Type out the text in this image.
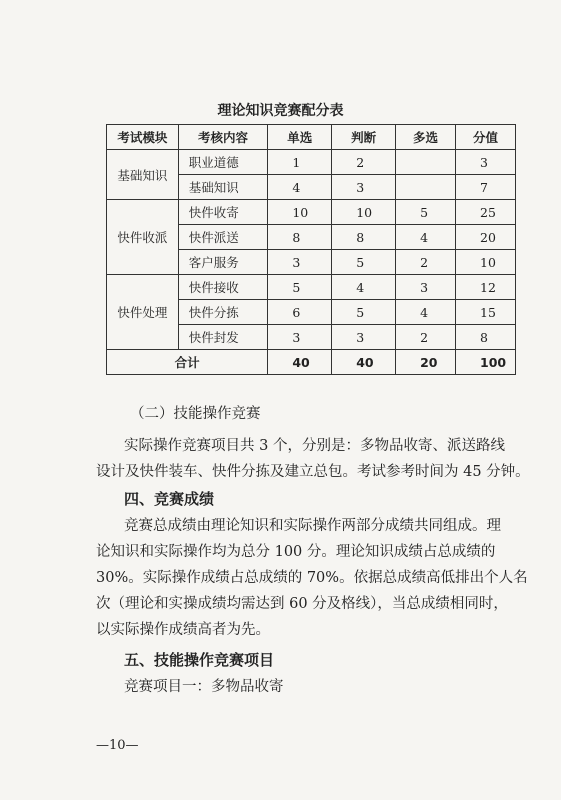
理论知识竞赛配分表
考试模块	考核内容	单选	判断	多选	分值
基础知识	职业道德	1	2		3
	基础知识	4	3		7
快件收派	快件收寄	10	10	5	25
	快件派送	8	8	4	20
	客户服务	3	5	2	10
快件处理	快件接收	5	4	3	12
	快件分拣	6	5	4	15
	快件封发	3	3	2	8
合计		40	40	20	100
（二）技能操作竞赛
实际操作竞赛项目共 3 个，分别是：多物品收寄、派送路线
设计及快件装车、快件分拣及建立总包。考试参考时间为 45 分钟。
四、竞赛成绩
竞赛总成绩由理论知识和实际操作两部分成绩共同组成。理
论知识和实际操作均为总分 100 分。理论知识成绩占总成绩的
30%。实际操作成绩占总成绩的 70%。依据总成绩高低排出个人名
次（理论和实操成绩均需达到 60 分及格线），当总成绩相同时，
以实际操作成绩高者为先。
五、技能操作竞赛项目
竞赛项目一：多物品收寄
—10—
